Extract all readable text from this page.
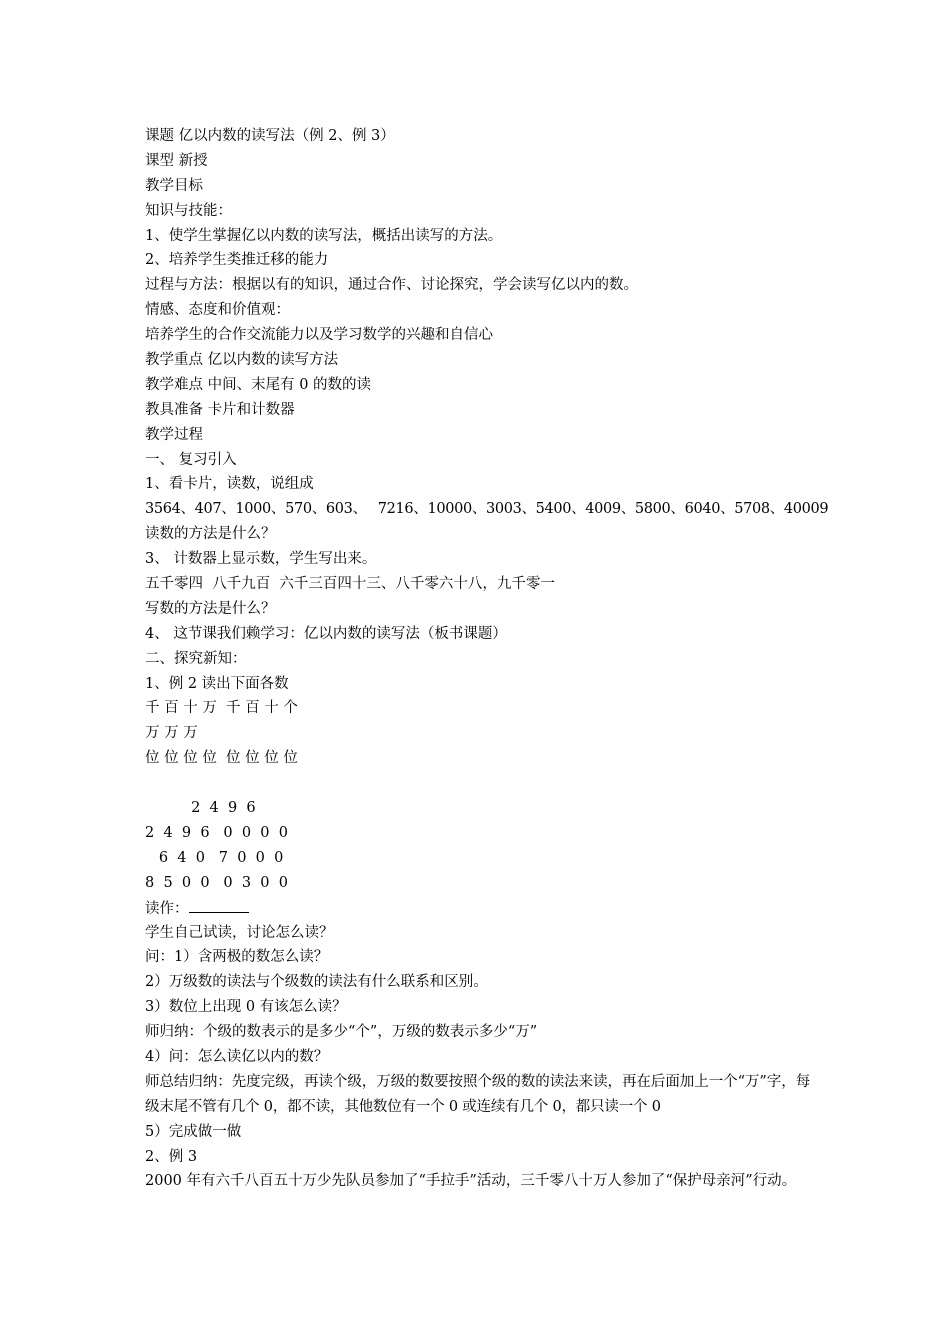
课题 亿以内数的读写法（例 2、例 3）
课型 新授
教学目标
知识与技能：
1、使学生掌握亿以内数的读写法，概括出读写的方法。
2、培养学生类推迁移的能力
过程与方法：根据以有的知识，通过合作、讨论探究，学会读写亿以内的数。
情感、态度和价值观：
培养学生的合作交流能力以及学习数学的兴趣和自信心
教学重点 亿以内数的读写方法
教学难点 中间、末尾有 0 的数的读
教具准备 卡片和计数器
教学过程
一、 复习引入
1、看卡片，读数，说组成
3564、407、1000、570、603、　 7216、10000、3003、5400、4009、5800、6040、5708、40009
读数的方法是什么？
3、 计数器上显示数，学生写出来。
五千零四  八千九百  六千三百四十三、八千零六十八，九千零一
写数的方法是什么？
4、 这节课我们赖学习：亿以内数的读写法（板书课题）
二、探究新知：
1、例 2 读出下面各数
千 百 十 万  千 百 十 个
万 万 万
位 位 位 位  位 位 位 位
2  4  9  6
2  4  9  6   0  0  0  0
6  4  0   7  0  0  0
8  5  0  0   0  3  0  0
读作：
学生自己试读，讨论怎么读？
问：1）含两极的数怎么读？
2）万级数的读法与个级数的读法有什么联系和区别。
3）数位上出现 0 有该怎么读？
师归纳：个级的数表示的是多少“个”，万级的数表示多少“万”
4）问：怎么读亿以内的数？
师总结归纳：先度完级，再读个级，万级的数要按照个级的数的读法来读，再在后面加上一个“万”字，每级末尾不管有几个 0，都不读，其他数位有一个 0 或连续有几个 0，都只读一个 0
5）完成做一做
2、例 3
2000 年有六千八百五十万少先队员参加了“手拉手”活动，三千零八十万人参加了“保护母亲河”行动。
